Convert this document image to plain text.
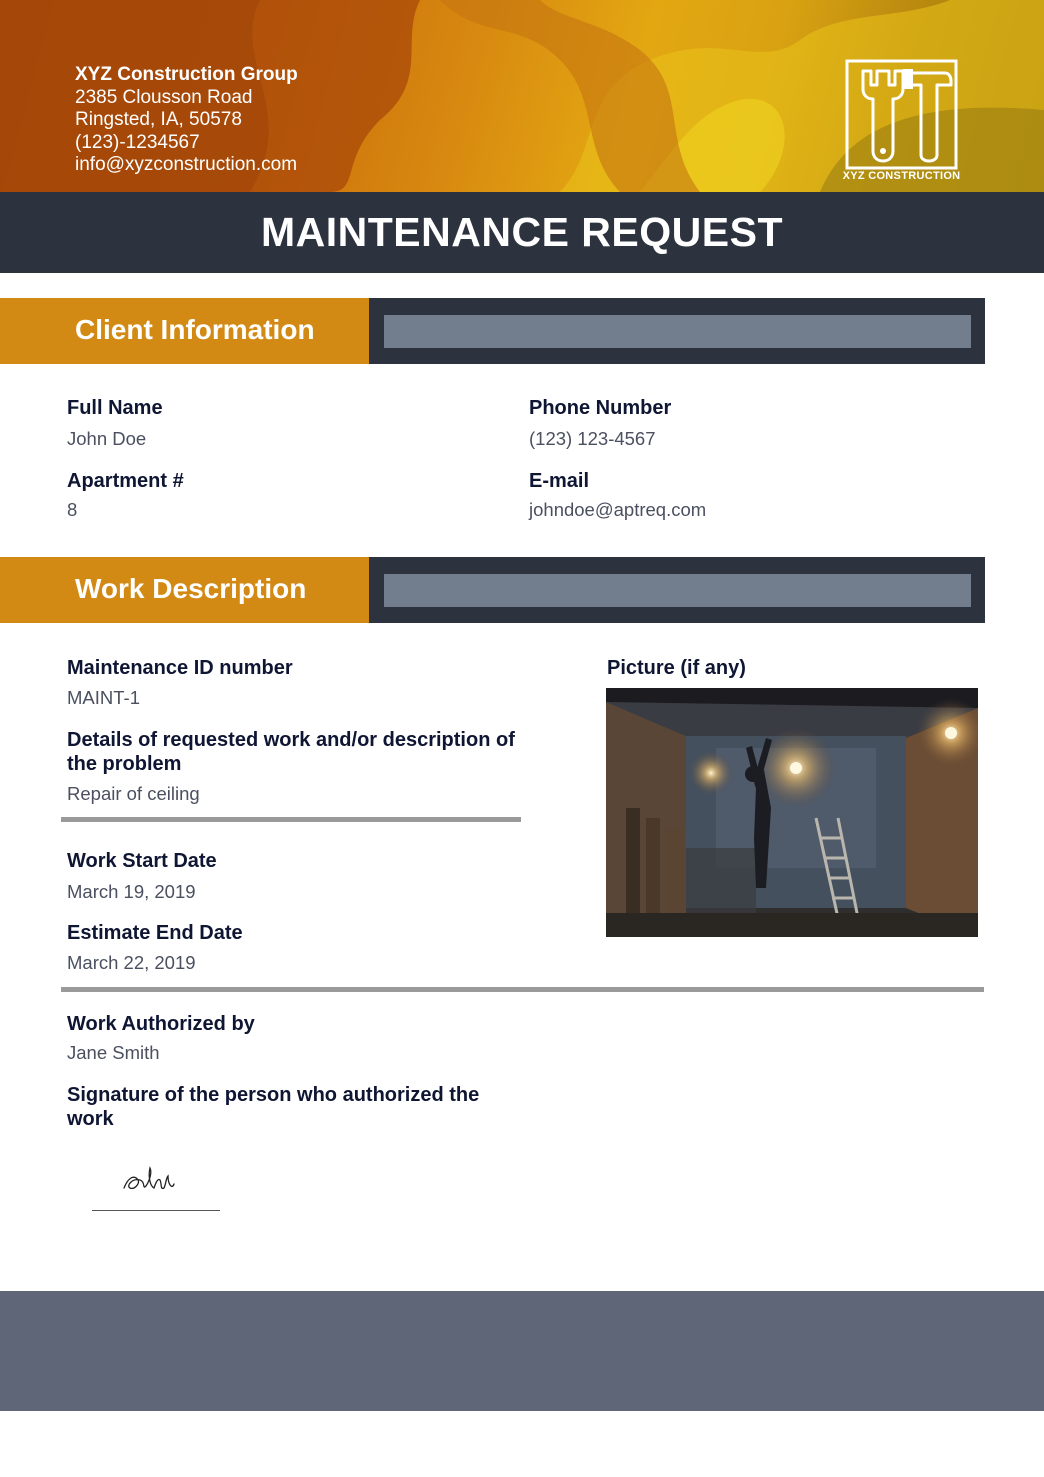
XYZ Construction Group
2385 Clousson Road
Ringsted, IA, 50578
(123)-1234567
info@xyzconstruction.com
XYZ CONSTRUCTION
MAINTENANCE REQUEST
Client Information
Full Name
John Doe
Phone Number
(123) 123-4567
Apartment #
8
E-mail
johndoe@aptreq.com
Work Description
Maintenance ID number
MAINT-1
Details of requested work and/or description of the problem
Repair of ceiling
Picture (if any)
Work Start Date
March 19, 2019
Estimate End Date
March 22, 2019
Work Authorized by
Jane Smith
Signature of the person who authorized the work
